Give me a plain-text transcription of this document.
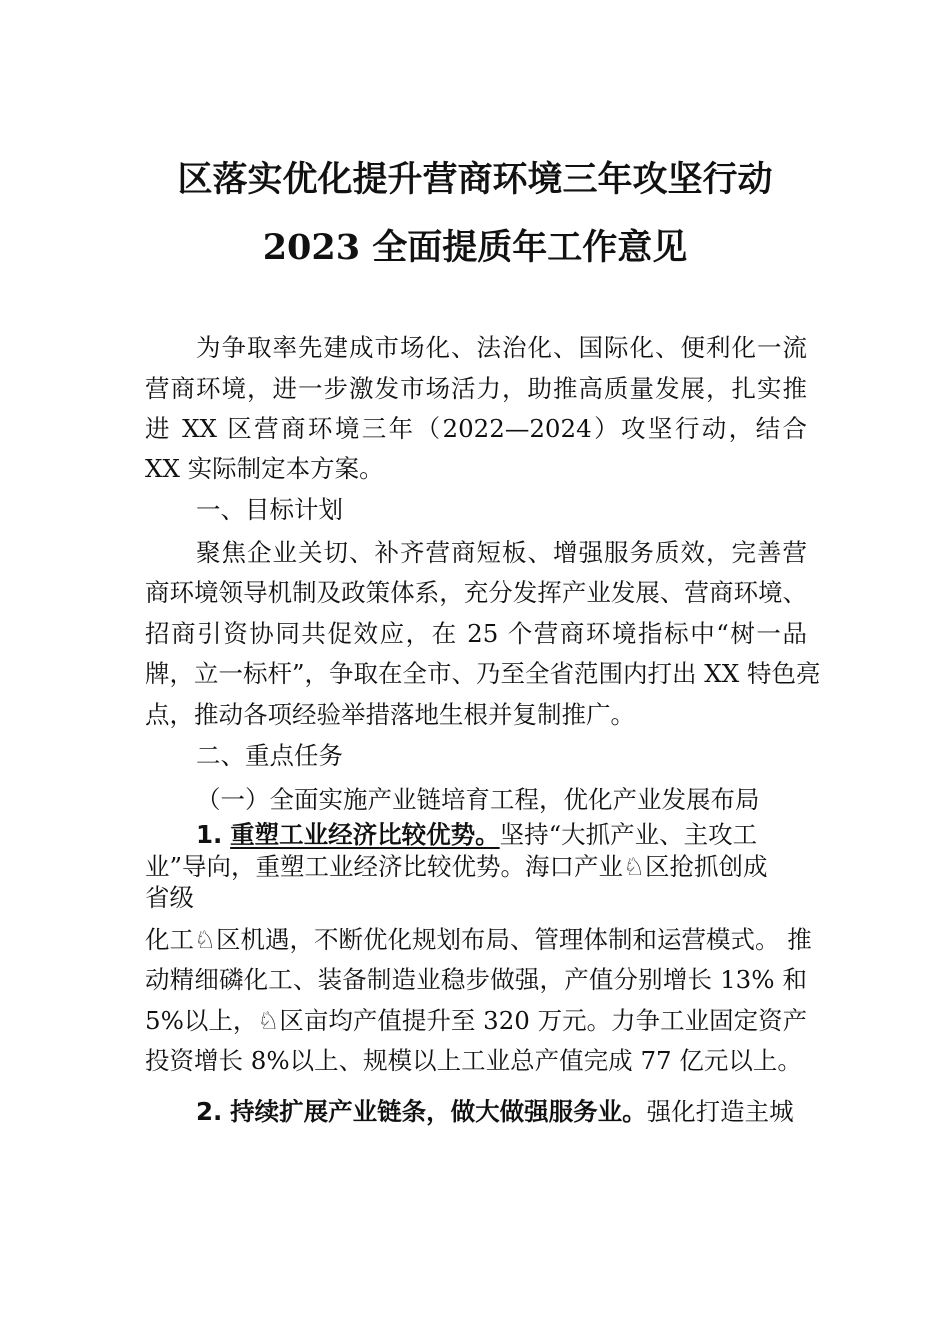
区落实优化提升营商环境三年攻坚行动
2023 全面提质年工作意见
为争取率先建成市场化、法治化、国际化、便利化一流
营商环境，进一步激发市场活力，助推高质量发展，扎实推
进 XX 区营商环境三年（2022—2024）攻坚行动，结合
XX 实际制定本方案。
一、目标计划
聚焦企业关切、补齐营商短板、增强服务质效，完善营
商环境领导机制及政策体系，充分发挥产业发展、营商环境、
招商引资协同共促效应，在 25 个营商环境指标中“树一品
牌，立一标杆”，争取在全市、乃至全省范围内打出 XX 特色亮
点，推动各项经验举措落地生根并复制推广。
二、重点任务
（一）全面实施产业链培育工程，优化产业发展布局
1. 重塑工业经济比较优势。坚持“大抓产业、主攻工
业”导向，重塑工业经济比较优势。海口产业♘区抢抓创成
省级
化工♘区机遇，不断优化规划布局、管理体制和运营模式。 推
动精细磷化工、装备制造业稳步做强，产值分别增长 13% 和
5%以上，♘区亩均产值提升至 320 万元。力争工业固定资产
投资增长 8%以上、规模以上工业总产值完成 77 亿元以上。
2. 持续扩展产业链条，做大做强服务业。强化打造主城
